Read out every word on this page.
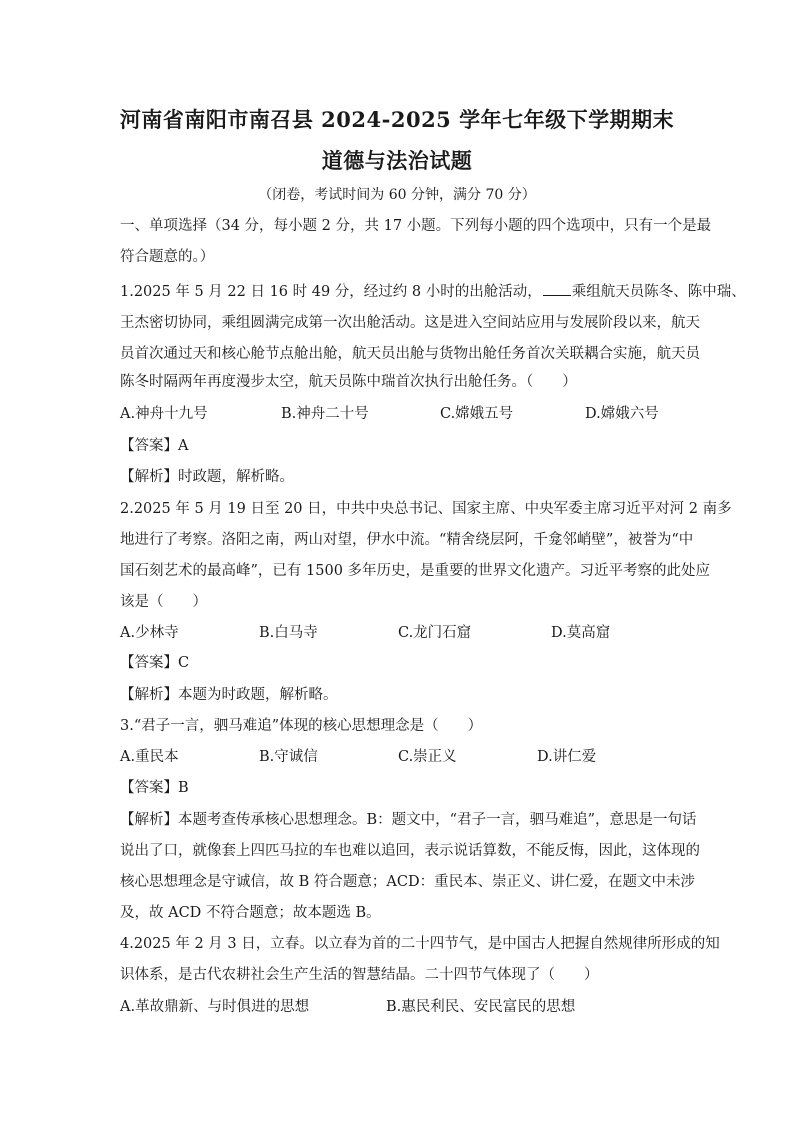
河南省南阳市南召县 2024-2025 学年七年级下学期期末
道德与法治试题
（闭卷，考试时间为 60 分钟，满分 70 分）
一、单项选择（34 分，每小题 2 分，共 17 小题。下列每小题的四个选项中，只有一个是最
符合题意的。）
1.2025 年 5 月 22 日 16 时 49 分，经过约 8 小时的出舱活动， 乘组航天员陈冬、陈中瑞、
王杰密切协同，乘组圆满完成第一次出舱活动。这是进入空间站应用与发展阶段以来，航天
员首次通过天和核心舱节点舱出舱，航天员出舱与货物出舱任务首次关联耦合实施，航天员
陈冬时隔两年再度漫步太空，航天员陈中瑞首次执行出舱任务。（　　）
A.神舟十九号	B.神舟二十号	C.嫦娥五号	D.嫦娥六号
【答案】A
【解析】时政题，解析略。
2.2025 年 5 月 19 日至 20 日，中共中央总书记、国家主席、中央军委主席习近平对河 2 南多
地进行了考察。洛阳之南，两山对望，伊水中流。“精舍绕层阿，千龛邻峭壁”，被誉为“中
国石刻艺术的最高峰”，已有 1500 多年历史，是重要的世界文化遗产。习近平考察的此处应
该是（　　）
A.少林寺	B.白马寺	C.龙门石窟	D.莫高窟
【答案】C
【解析】本题为时政题，解析略。
3.“君子一言，驷马难追”体现的核心思想理念是（　　）
A.重民本	B.守诚信	C.崇正义	D.讲仁爱
【答案】B
【解析】本题考查传承核心思想理念。B：题文中，“君子一言，驷马难追”，意思是一句话
说出了口，就像套上四匹马拉的车也难以追回，表示说话算数，不能反悔，因此，这体现的
核心思想理念是守诚信，故 B 符合题意；ACD：重民本、崇正义、讲仁爱，在题文中未涉
及，故 ACD 不符合题意；故本题选 B。
4.2025 年 2 月 3 日，立春。以立春为首的二十四节气，是中国古人把握自然规律所形成的知
识体系，是古代农耕社会生产生活的智慧结晶。二十四节气体现了（　　）
A.革故鼎新、与时俱进的思想	B.惠民利民、安民富民的思想
